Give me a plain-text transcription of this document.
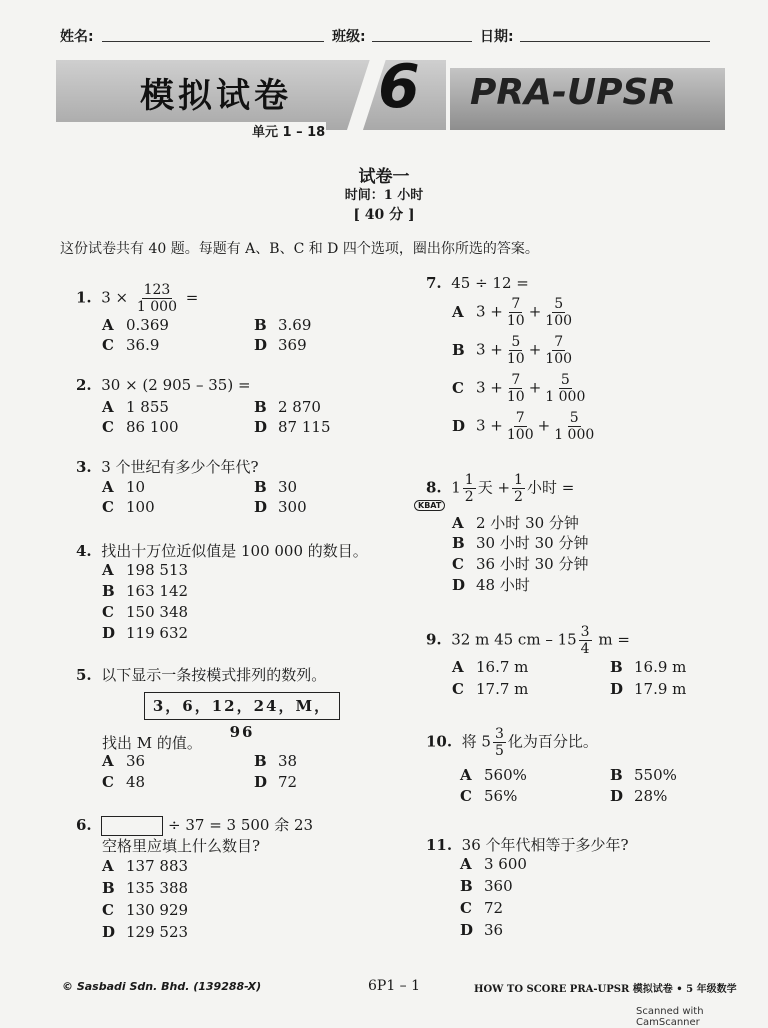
姓名:	班级:	日期:
模拟试卷 6 PRA-UPSR
单元 1 – 18
试卷一
时间：1 小时
[ 40 分 ]
这份试卷共有 40 题。每题有 A、B、C 和 D 四个选项，圈出你所选的答案。
1. $3 \times \frac{123}{1 000}$ =
A 0.369	B 3.69
C 36.9	D 369
2. 30 × (2 905 – 35) =
A 1 855	B 2 870
C 86 100	D 87 115
3. 3 个世纪有多少个年代?
A 10	B 30
C 100	D 300
4. 找出十万位近似值是 100 000 的数目。
A 198 513
B 163 142
C 150 348
D 119 632
5. 以下显示一条按模式排列的数列。
3，6，12，24，M，96
找出 M 的值。
A 36	B 38
C 48	D 72
6.	÷ 37 = 3 500 余 23
空格里应填上什么数目?
A 137 883
B 135 388
C 130 929
D 129 523
7. 45 ÷ 12 =
A $3 + \frac{7}{10} + \frac{5}{100}$
B $3 + \frac{5}{10} + \frac{7}{100}$
C $3 + \frac{7}{10} + \frac{5}{1 000}$
D $3 + \frac{7}{100} + \frac{5}{1 000}$
8. $1 \frac{1}{2}$ 天 + $\frac{1}{2}$ 小时 =
KBAT
A 2 小时 30 分钟
B 30 小时 30 分钟
C 36 小时 30 分钟
D 48 小时
9. 32 m 45 cm – $15 \frac{3}{4}$ m =
A 16.7 m	B 16.9 m
C 17.7 m	D 17.9 m
10. 将 $5 \frac{3}{5}$ 化为百分比。
A 560%	B 550%
C 56%	D 28%
11. 36 个年代相等于多少年?
A 3 600
B 360
C 72
D 36
© Sasbadi Sdn. Bhd. (139288-X)	6P1 – 1	HOW TO SCORE PRA-UPSR 模拟试卷 • 5 年级数学
Scanned with CamScanner
